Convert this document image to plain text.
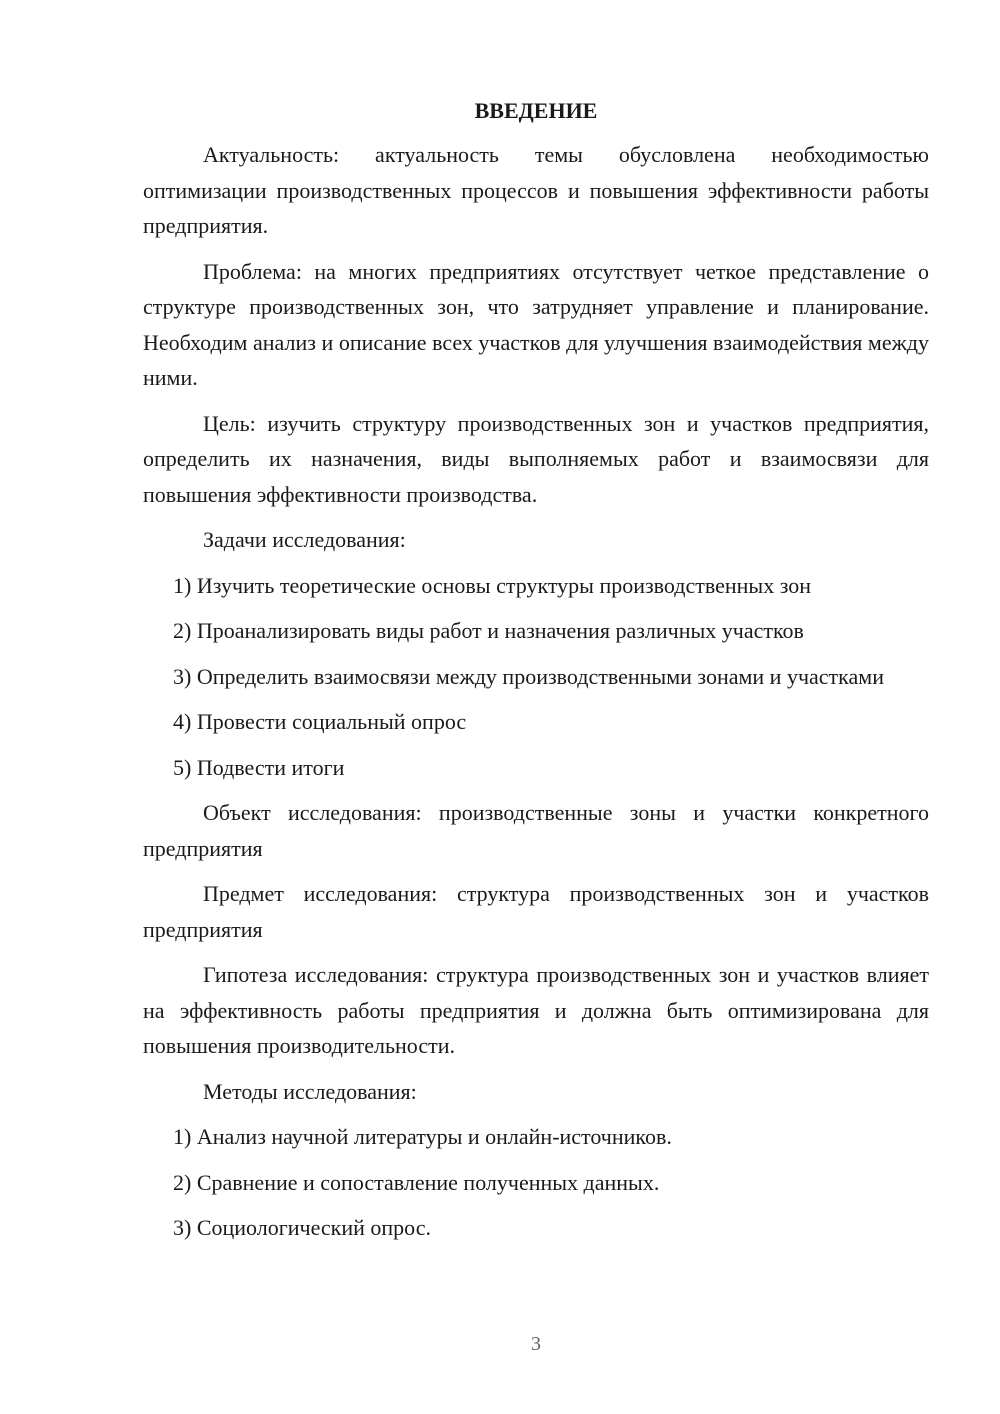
ВВЕДЕНИЕ

Актуальность: актуальность темы обусловлена необходимостью оптимизации производственных процессов и повышения эффективности работы предприятия.

Проблема: на многих предприятиях отсутствует четкое представление о структуре производственных зон, что затрудняет управление и планирование. Необходим анализ и описание всех участков для улучшения взаимодействия между ними.

Цель: изучить структуру производственных зон и участков предприятия, определить их назначения, виды выполняемых работ и взаимосвязи для повышения эффективности производства.

Задачи исследования:

1) Изучить теоретические основы структуры производственных зон

2) Проанализировать виды работ и назначения различных участков

3) Определить взаимосвязи между производственными зонами и участками

4) Провести социальный опрос

5) Подвести итоги

Объект исследования: производственные зоны и участки конкретного предприятия

Предмет исследования: структура производственных зон и участков предприятия

Гипотеза исследования: структура производственных зон и участков влияет на эффективность работы предприятия и должна быть оптимизирована для повышения производительности.

Методы исследования:

1) Анализ научной литературы и онлайн-источников.

2) Сравнение и сопоставление полученных данных.

3) Социологический опрос.

3
